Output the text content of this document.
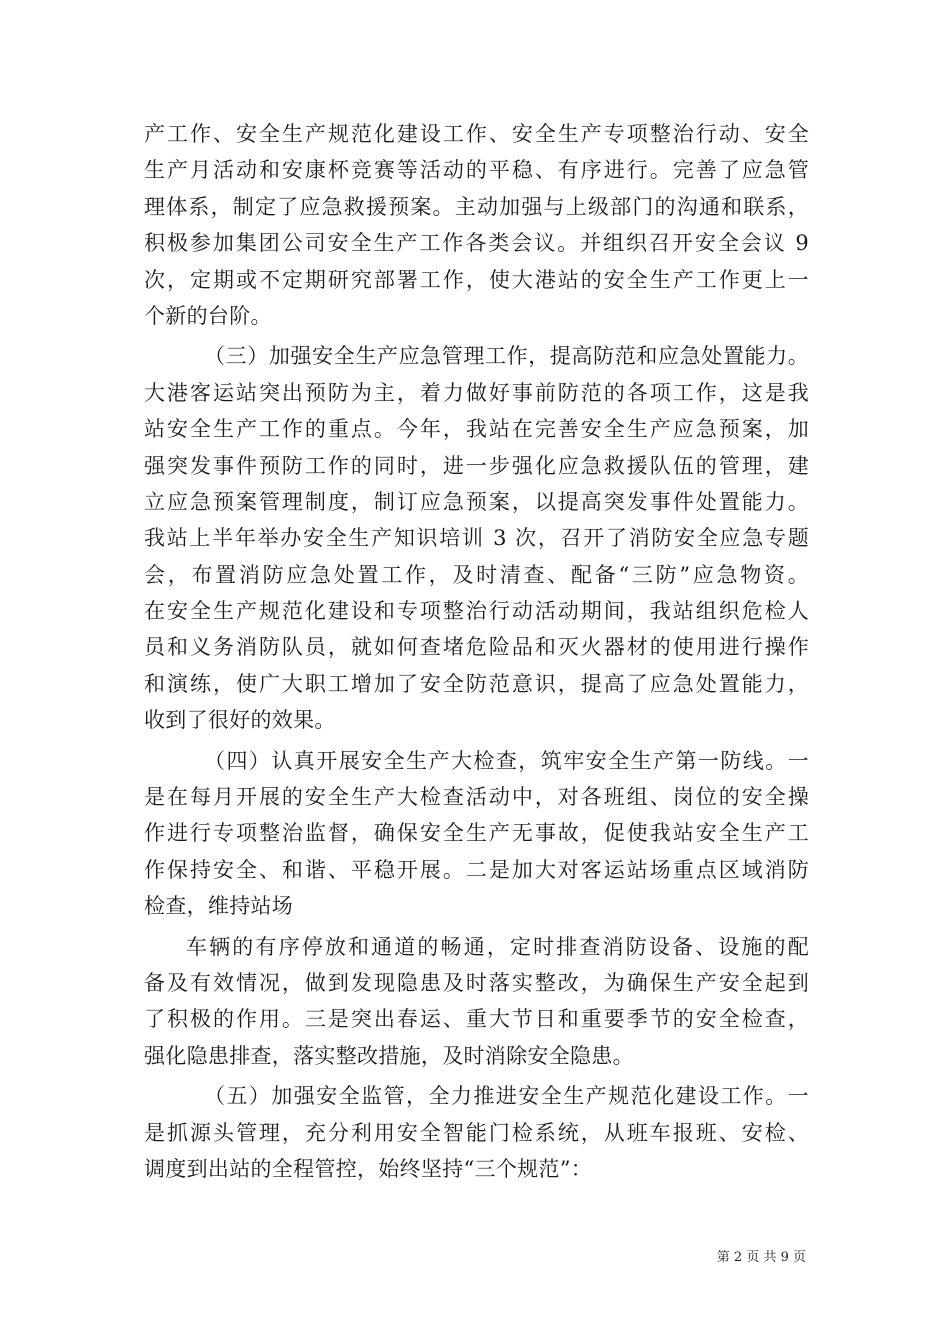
产工作、安全生产规范化建设工作、安全生产专项整治行动、安全
生产月活动和安康杯竞赛等活动的平稳、有序进行。完善了应急管
理体系，制定了应急救援预案。主动加强与上级部门的沟通和联系，
积极参加集团公司安全生产工作各类会议。并组织召开安全会议 9
次，定期或不定期研究部署工作，使大港站的安全生产工作更上一
个新的台阶。
（三）加强安全生产应急管理工作，提高防范和应急处置能力。
大港客运站突出预防为主，着力做好事前防范的各项工作，这是我
站安全生产工作的重点。今年，我站在完善安全生产应急预案，加
强突发事件预防工作的同时，进一步强化应急救援队伍的管理，建
立应急预案管理制度，制订应急预案，以提高突发事件处置能力。
我站上半年举办安全生产知识培训 3 次，召开了消防安全应急专题
会，布置消防应急处置工作，及时清查、配备“三防”应急物资。
在安全生产规范化建设和专项整治行动活动期间，我站组织危检人
员和义务消防队员，就如何查堵危险品和灭火器材的使用进行操作
和演练，使广大职工增加了安全防范意识，提高了应急处置能力，
收到了很好的效果。
（四）认真开展安全生产大检查，筑牢安全生产第一防线。一
是在每月开展的安全生产大检查活动中，对各班组、岗位的安全操
作进行专项整治监督，确保安全生产无事故，促使我站安全生产工
作保持安全、和谐、平稳开展。二是加大对客运站场重点区域消防
检查，维持站场
车辆的有序停放和通道的畅通，定时排查消防设备、设施的配
备及有效情况，做到发现隐患及时落实整改，为确保生产安全起到
了积极的作用。三是突出春运、重大节日和重要季节的安全检查，
强化隐患排查，落实整改措施，及时消除安全隐患。
（五）加强安全监管，全力推进安全生产规范化建设工作。一
是抓源头管理，充分利用安全智能门检系统，从班车报班、安检、
调度到出站的全程管控，始终坚持“三个规范”：
第 2 页 共 9 页
